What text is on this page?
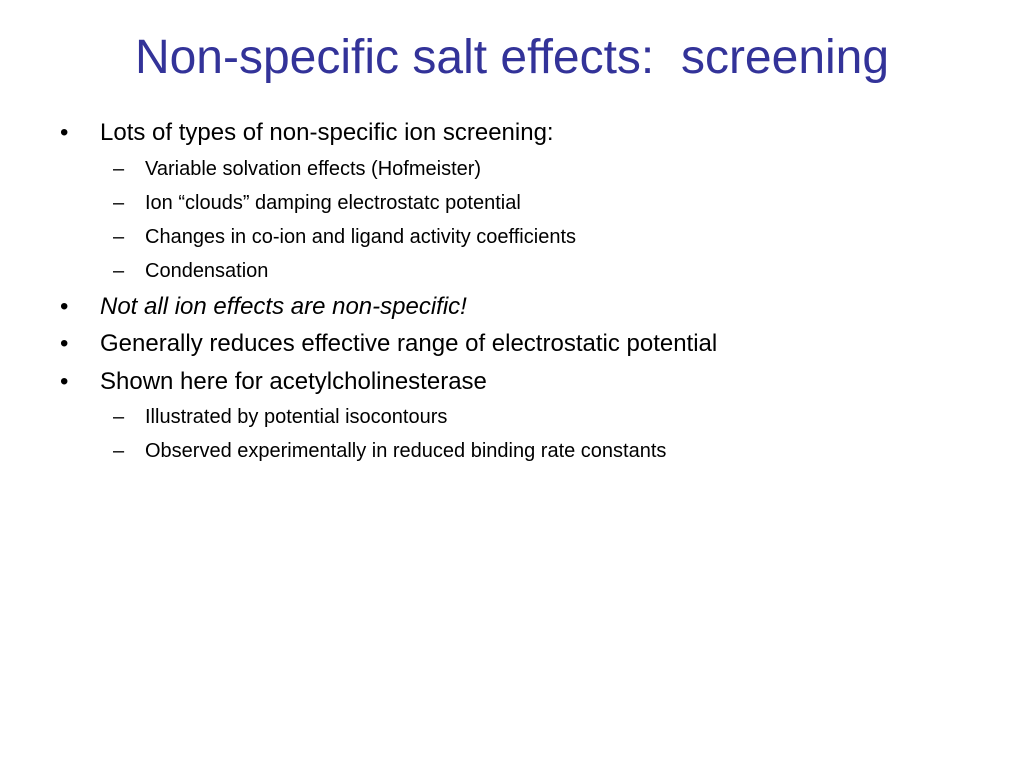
Non-specific salt effects:  screening
• Lots of types of non-specific ion screening:
– Variable solvation effects (Hofmeister)
– Ion “clouds” damping electrostatc potential
– Changes in co-ion and ligand activity coefficients
– Condensation
• Not all ion effects are non-specific!
• Generally reduces effective range of electrostatic potential
• Shown here for acetylcholinesterase
– Illustrated by potential isocontours
– Observed experimentally in reduced binding rate constants
